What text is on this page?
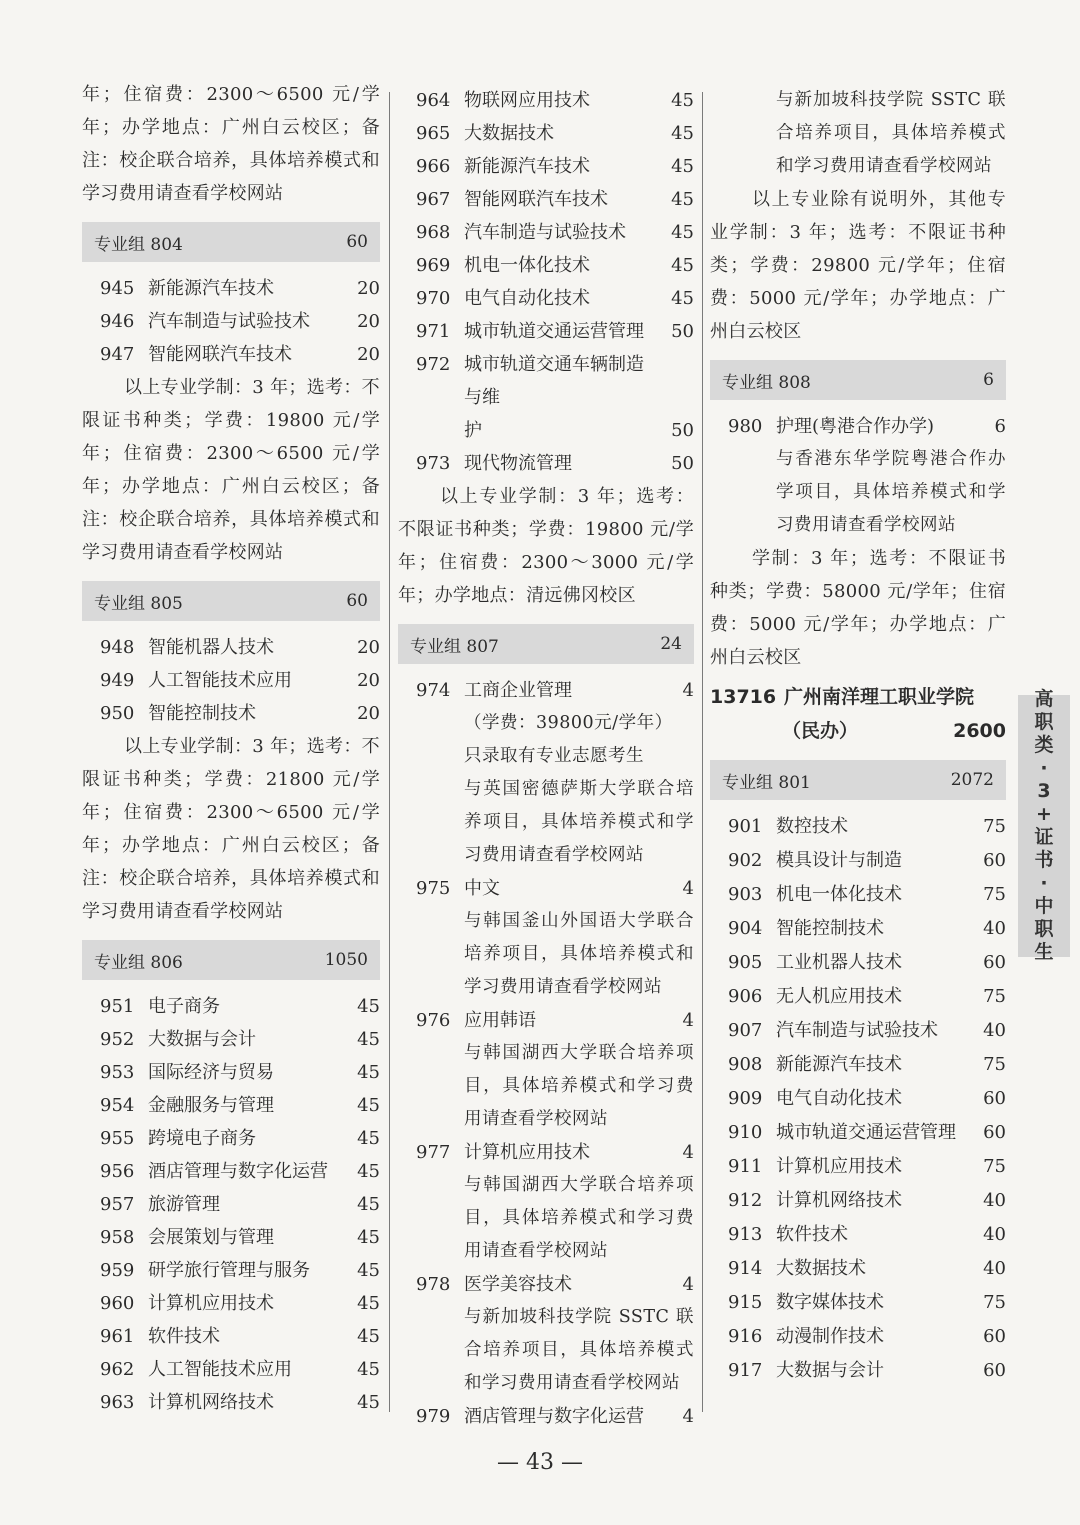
年；住宿费：2300～6500 元/学年；办学地点：广州白云校区；备注：校企联合培养，具体培养模式和学习费用请查看学校网站

专业组 804	60
945 新能源汽车技术	20
946 汽车制造与试验技术	20
947 智能网联汽车技术	20

以上专业学制：3 年；选考：不限证书种类；学费：19800 元/学年；住宿费：2300～6500 元/学年；办学地点：广州白云校区；备注：校企联合培养，具体培养模式和学习费用请查看学校网站

专业组 805	60
948 智能机器人技术	20
949 人工智能技术应用	20
950 智能控制技术	20

以上专业学制：3 年；选考：不限证书种类；学费：21800 元/学年；住宿费：2300～6500 元/学年；办学地点：广州白云校区；备注：校企联合培养，具体培养模式和学习费用请查看学校网站

专业组 806	1050
951 电子商务	45
952 大数据与会计	45
953 国际经济与贸易	45
954 金融服务与管理	45
955 跨境电子商务	45
956 酒店管理与数字化运营	45
957 旅游管理	45
958 会展策划与管理	45
959 研学旅行管理与服务	45
960 计算机应用技术	45
961 软件技术	45
962 人工智能技术应用	45
963 计算机网络技术	45
964 物联网应用技术	45
965 大数据技术	45
966 新能源汽车技术	45
967 智能网联汽车技术	45
968 汽车制造与试验技术	45
969 机电一体化技术	45
970 电气自动化技术	45
971 城市轨道交通运营管理	50
972 城市轨道交通车辆制造与维
护	50
973 现代物流管理	50

以上专业学制：3 年；选考：不限证书种类；学费：19800 元/学年；住宿费：2300～3000 元/学年；办学地点：清远佛冈校区

专业组 807	24
974 工商企业管理	4
（学费：39800元/学年）
只录取有专业志愿考生
与英国密德萨斯大学联合培养项目，具体培养模式和学习费用请查看学校网站
975 中文	4
与韩国釜山外国语大学联合培养项目，具体培养模式和学习费用请查看学校网站
976 应用韩语	4
与韩国湖西大学联合培养项目，具体培养模式和学习费用请查看学校网站
977 计算机应用技术	4
与韩国湖西大学联合培养项目，具体培养模式和学习费用请查看学校网站
978 医学美容技术	4
与新加坡科技学院 SSTC 联合培养项目，具体培养模式和学习费用请查看学校网站
979 酒店管理与数字化运营	4
与新加坡科技学院 SSTC 联合培养项目，具体培养模式和学习费用请查看学校网站

以上专业除有说明外，其他专业学制：3 年；选考：不限证书种类；学费：29800 元/学年；住宿费：5000 元/学年；办学地点：广州白云校区

专业组 808	6
980 护理(粤港合作办学)	6
与香港东华学院粤港合作办学项目，具体培养模式和学习费用请查看学校网站

学制：3 年；选考：不限证书种类；学费：58000 元/学年；住宿费：5000 元/学年；办学地点：广州白云校区

13716 广州南洋理工职业学院
（民办）	2600
专业组 801	2072
901 数控技术	75
902 模具设计与制造	60
903 机电一体化技术	75
904 智能控制技术	40
905 工业机器人技术	60
906 无人机应用技术	75
907 汽车制造与试验技术	40
908 新能源汽车技术	75
909 电气自动化技术	60
910 城市轨道交通运营管理	60
911 计算机应用技术	75
912 计算机网络技术	40
913 软件技术	40
914 大数据技术	40
915 数字媒体技术	75
916 动漫制作技术	60
917 大数据与会计	60
高
职
类
·
3
+
证
书
·
中
职
生
— 43 —
